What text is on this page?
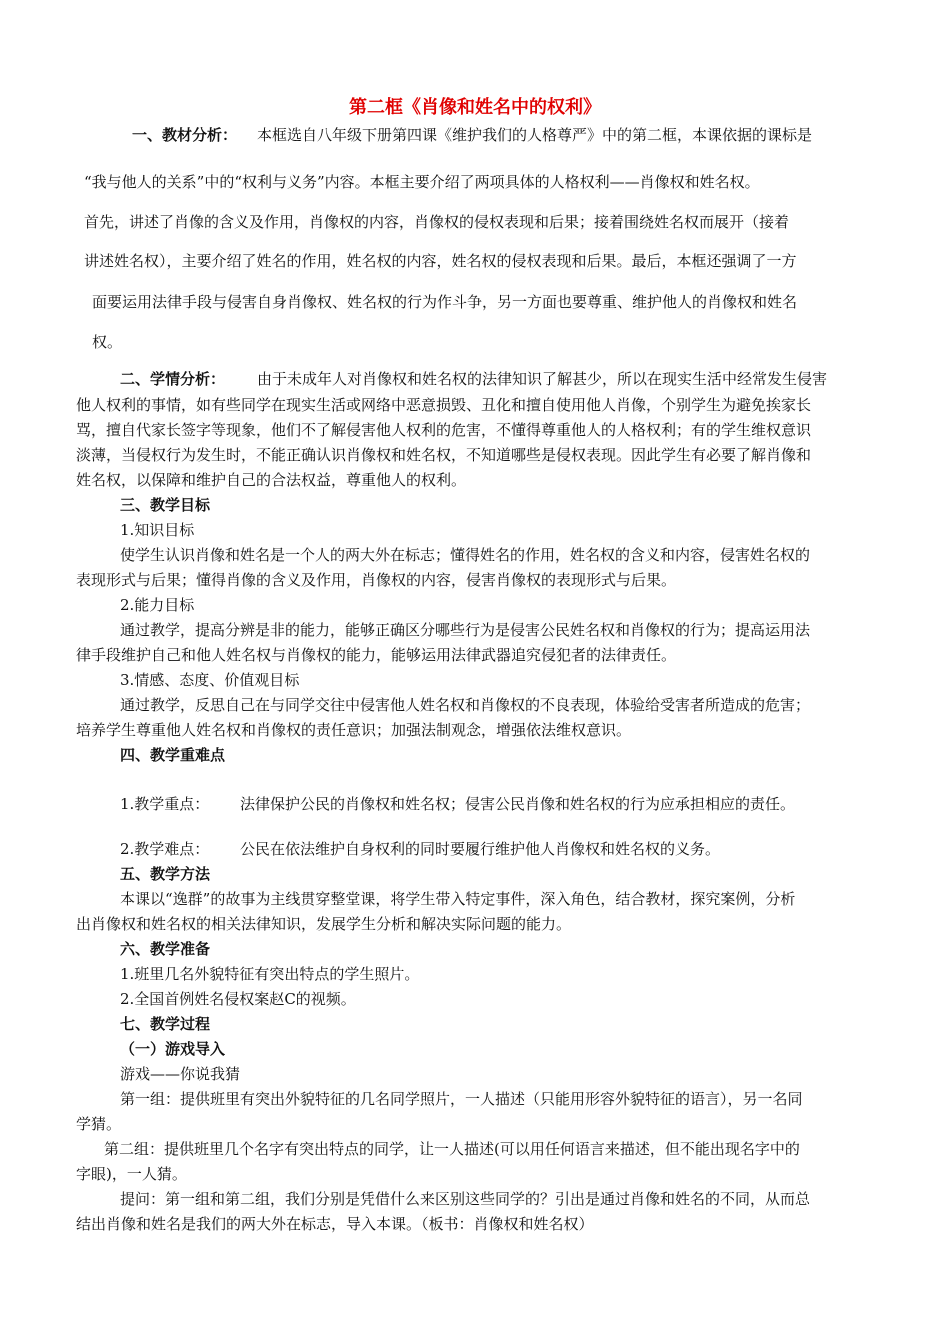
第二框《肖像和姓名中的权利》
一、教材分析： 本框选自八年级下册第四课《维护我们的人格尊严》中的第二框，本课依据的课标是
“我与他人的关系”中的“权利与义务”内容。本框主要介绍了两项具体的人格权利——肖像权和姓名权。
首先，讲述了肖像的含义及作用，肖像权的内容，肖像权的侵权表现和后果；接着围绕姓名权而展开（接着
讲述姓名权），主要介绍了姓名的作用，姓名权的内容，姓名权的侵权表现和后果。最后，本框还强调了一方
面要运用法律手段与侵害自身肖像权、姓名权的行为作斗争，另一方面也要尊重、维护他人的肖像权和姓名
权。
二、学情分析： 由于未成年人对肖像权和姓名权的法律知识了解甚少，所以在现实生活中经常发生侵害
他人权利的事情，如有些同学在现实生活或网络中恶意损毁、丑化和擅自使用他人肖像，个别学生为避免挨家长
骂，擅自代家长签字等现象，他们不了解侵害他人权利的危害，不懂得尊重他人的人格权利；有的学生维权意识
淡薄，当侵权行为发生时，不能正确认识肖像权和姓名权，不知道哪些是侵权表现。因此学生有必要了解肖像和
姓名权，以保障和维护自己的合法权益，尊重他人的权利。
三、教学目标
1.知识目标
使学生认识肖像和姓名是一个人的两大外在标志；懂得姓名的作用，姓名权的含义和内容，侵害姓名权的
表现形式与后果；懂得肖像的含义及作用，肖像权的内容，侵害肖像权的表现形式与后果。
2.能力目标
通过教学，提高分辨是非的能力，能够正确区分哪些行为是侵害公民姓名权和肖像权的行为；提高运用法
律手段维护自己和他人姓名权与肖像权的能力，能够运用法律武器追究侵犯者的法律责任。
3.情感、态度、价值观目标
通过教学，反思自己在与同学交往中侵害他人姓名权和肖像权的不良表现，体验给受害者所造成的危害；
培养学生尊重他人姓名权和肖像权的责任意识；加强法制观念，增强依法维权意识。
四、教学重难点
1.教学重点： 法律保护公民的肖像权和姓名权；侵害公民肖像和姓名权的行为应承担相应的责任。
2.教学难点： 公民在依法维护自身权利的同时要履行维护他人肖像权和姓名权的义务。
五、教学方法
本课以“逸群”的故事为主线贯穿整堂课，将学生带入特定事件，深入角色，结合教材，探究案例，分析
出肖像权和姓名权的相关法律知识，发展学生分析和解决实际问题的能力。
六、教学准备
1.班里几名外貌特征有突出特点的学生照片。
2.全国首例姓名侵权案赵C的视频。
七、教学过程
（一）游戏导入
游戏——你说我猜
第一组：提供班里有突出外貌特征的几名同学照片，一人描述（只能用形容外貌特征的语言），另一名同
学猜。
第二组：提供班里几个名字有突出特点的同学，让一人描述(可以用任何语言来描述，但不能出现名字中的
字眼)，一人猜。
提问：第一组和第二组，我们分别是凭借什么来区别这些同学的？引出是通过肖像和姓名的不同，从而总
结出肖像和姓名是我们的两大外在标志，导入本课。（板书：肖像权和姓名权）
